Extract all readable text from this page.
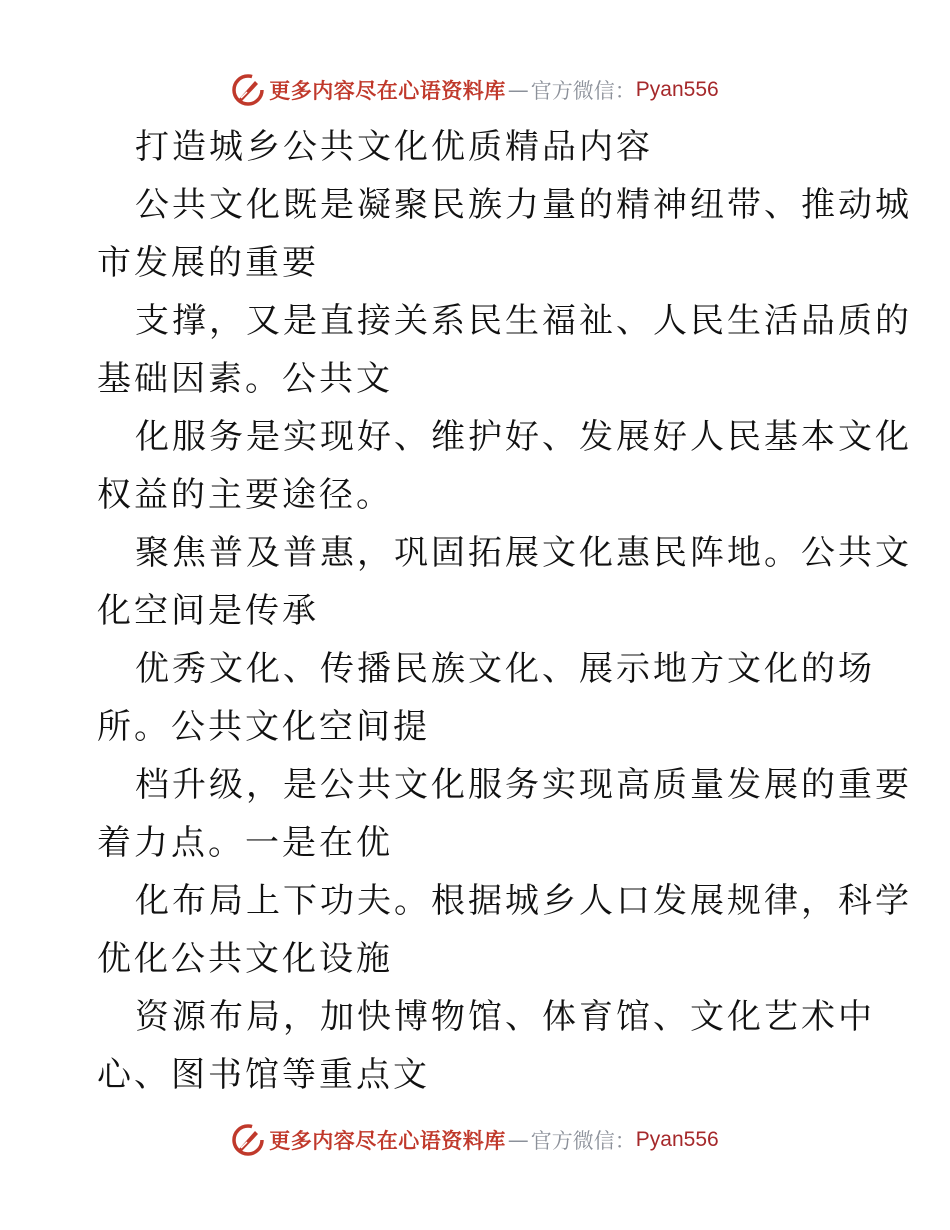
更多内容尽在心语资料库 — 官方微信： Pyan556
打造城乡公共文化优质精品内容
公共文化既是凝聚民族力量的精神纽带、推动城
市发展的重要
支撑，又是直接关系民生福祉、人民生活品质的
基础因素。公共文
化服务是实现好、维护好、发展好人民基本文化
权益的主要途径。
聚焦普及普惠，巩固拓展文化惠民阵地。公共文
化空间是传承
优秀文化、传播民族文化、展示地方文化的场
所。公共文化空间提
档升级，是公共文化服务实现高质量发展的重要
着力点。一是在优
化布局上下功夫。根据城乡人口发展规律，科学
优化公共文化设施
资源布局，加快博物馆、体育馆、文化艺术中
心、图书馆等重点文
更多内容尽在心语资料库 — 官方微信： Pyan556
